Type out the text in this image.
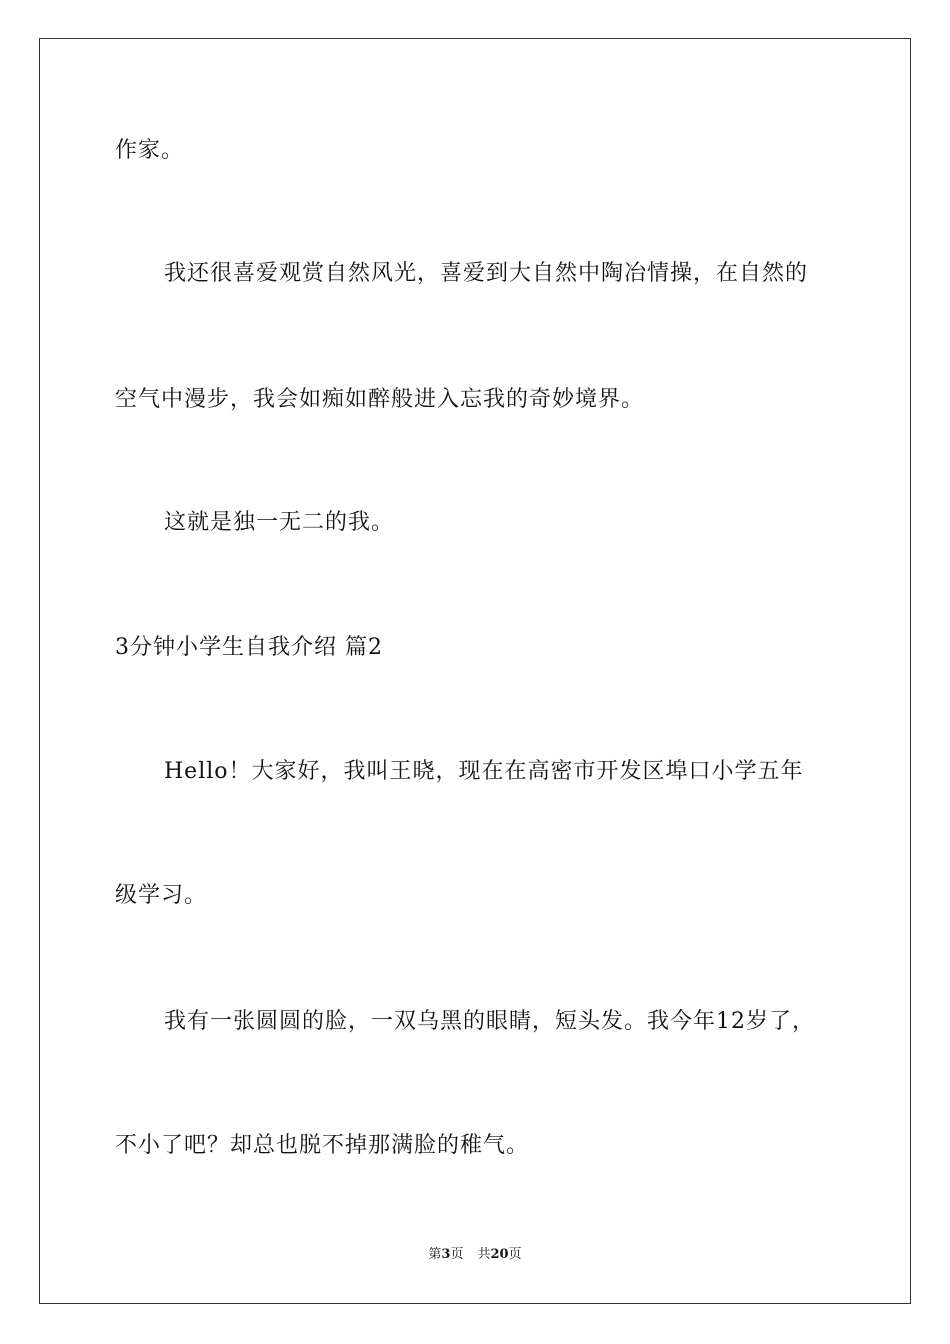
作家。
我还很喜爱观赏自然风光，喜爱到大自然中陶冶情操，在自然的
空气中漫步，我会如痴如醉般进入忘我的奇妙境界。
这就是独一无二的我。
3分钟小学生自我介绍 篇2
Hello！大家好，我叫王晓，现在在高密市开发区埠口小学五年
级学习。
我有一张圆圆的脸，一双乌黑的眼睛，短头发。我今年12岁了，
不小了吧？却总也脱不掉那满脸的稚气。
第3页 共20页
